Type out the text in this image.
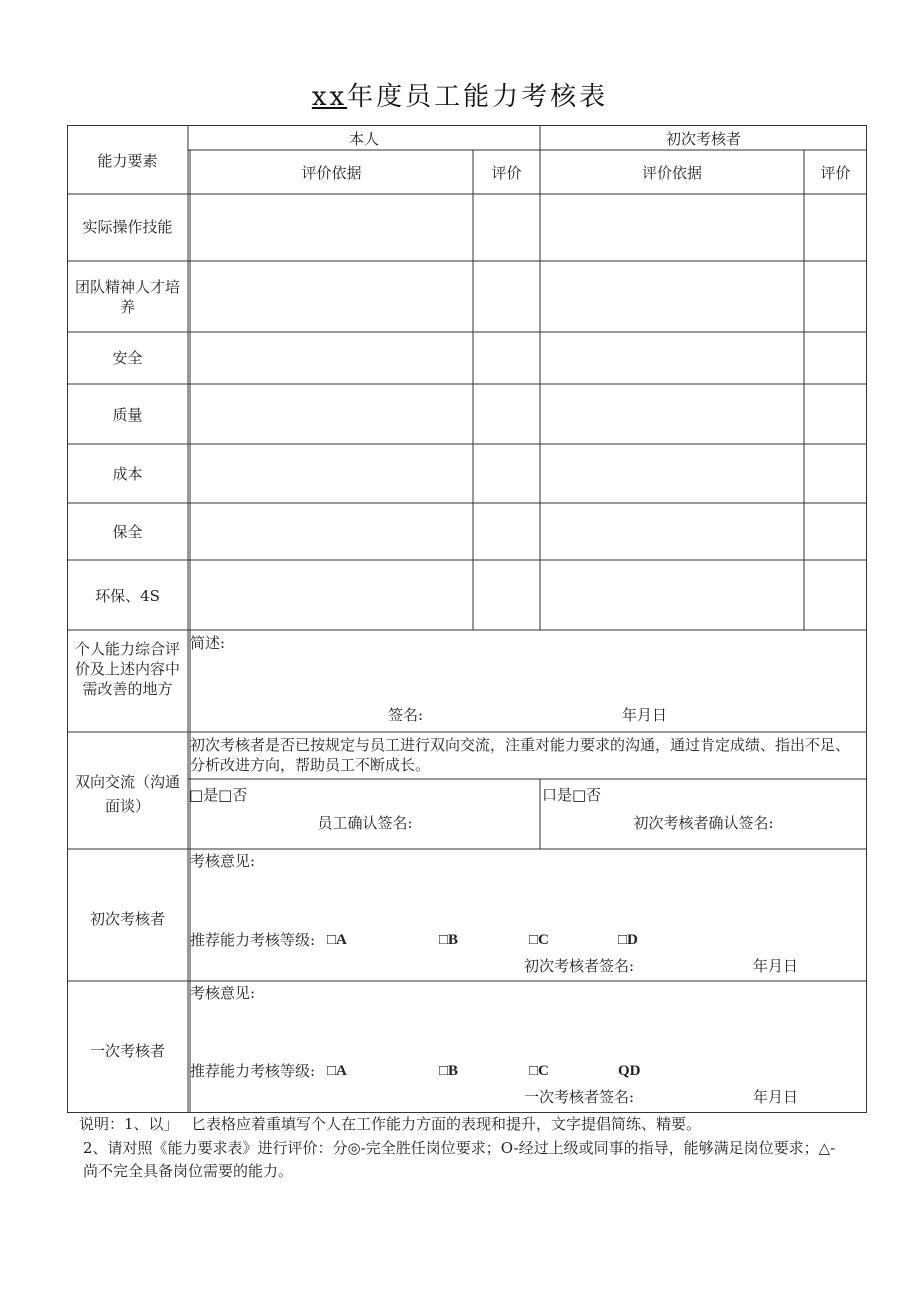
xx年度员工能力考核表
能力要素
本人	初次考核者
评价依据	评价	评价依据	评价
实际操作技能
团队精神人才培养
安全
质量
成本
保全
环保、4S
个人能力综合评价及上述内容中需改善的地方
简述:
签名:	年月日
双向交流（沟通面谈）
初次考核者是否已按规定与员工进行双向交流，注重对能力要求的沟通，通过肯定成绩、指出不足、分析改进方向，帮助员工不断成长。
□是□否
员工确认签名:
口是□否
初次考核者确认签名:
初次考核者
考核意见:
推荐能力考核等级: □A	□B	□C	□D
初次考核者签名:	年月日
一次考核者
考核意见:
推荐能力考核等级: □A	□B	□C	QD
一次考核者签名:	年月日
说明：1、以」 匕表格应着重填写个人在工作能力方面的表现和提升，文字提倡简练、精要。
2、请对照《能力要求表》进行评价：分◎-完全胜任岗位要求；O-经过上级或同事的指导，能够满足岗位要求；△-
尚不完全具备岗位需要的能力。
